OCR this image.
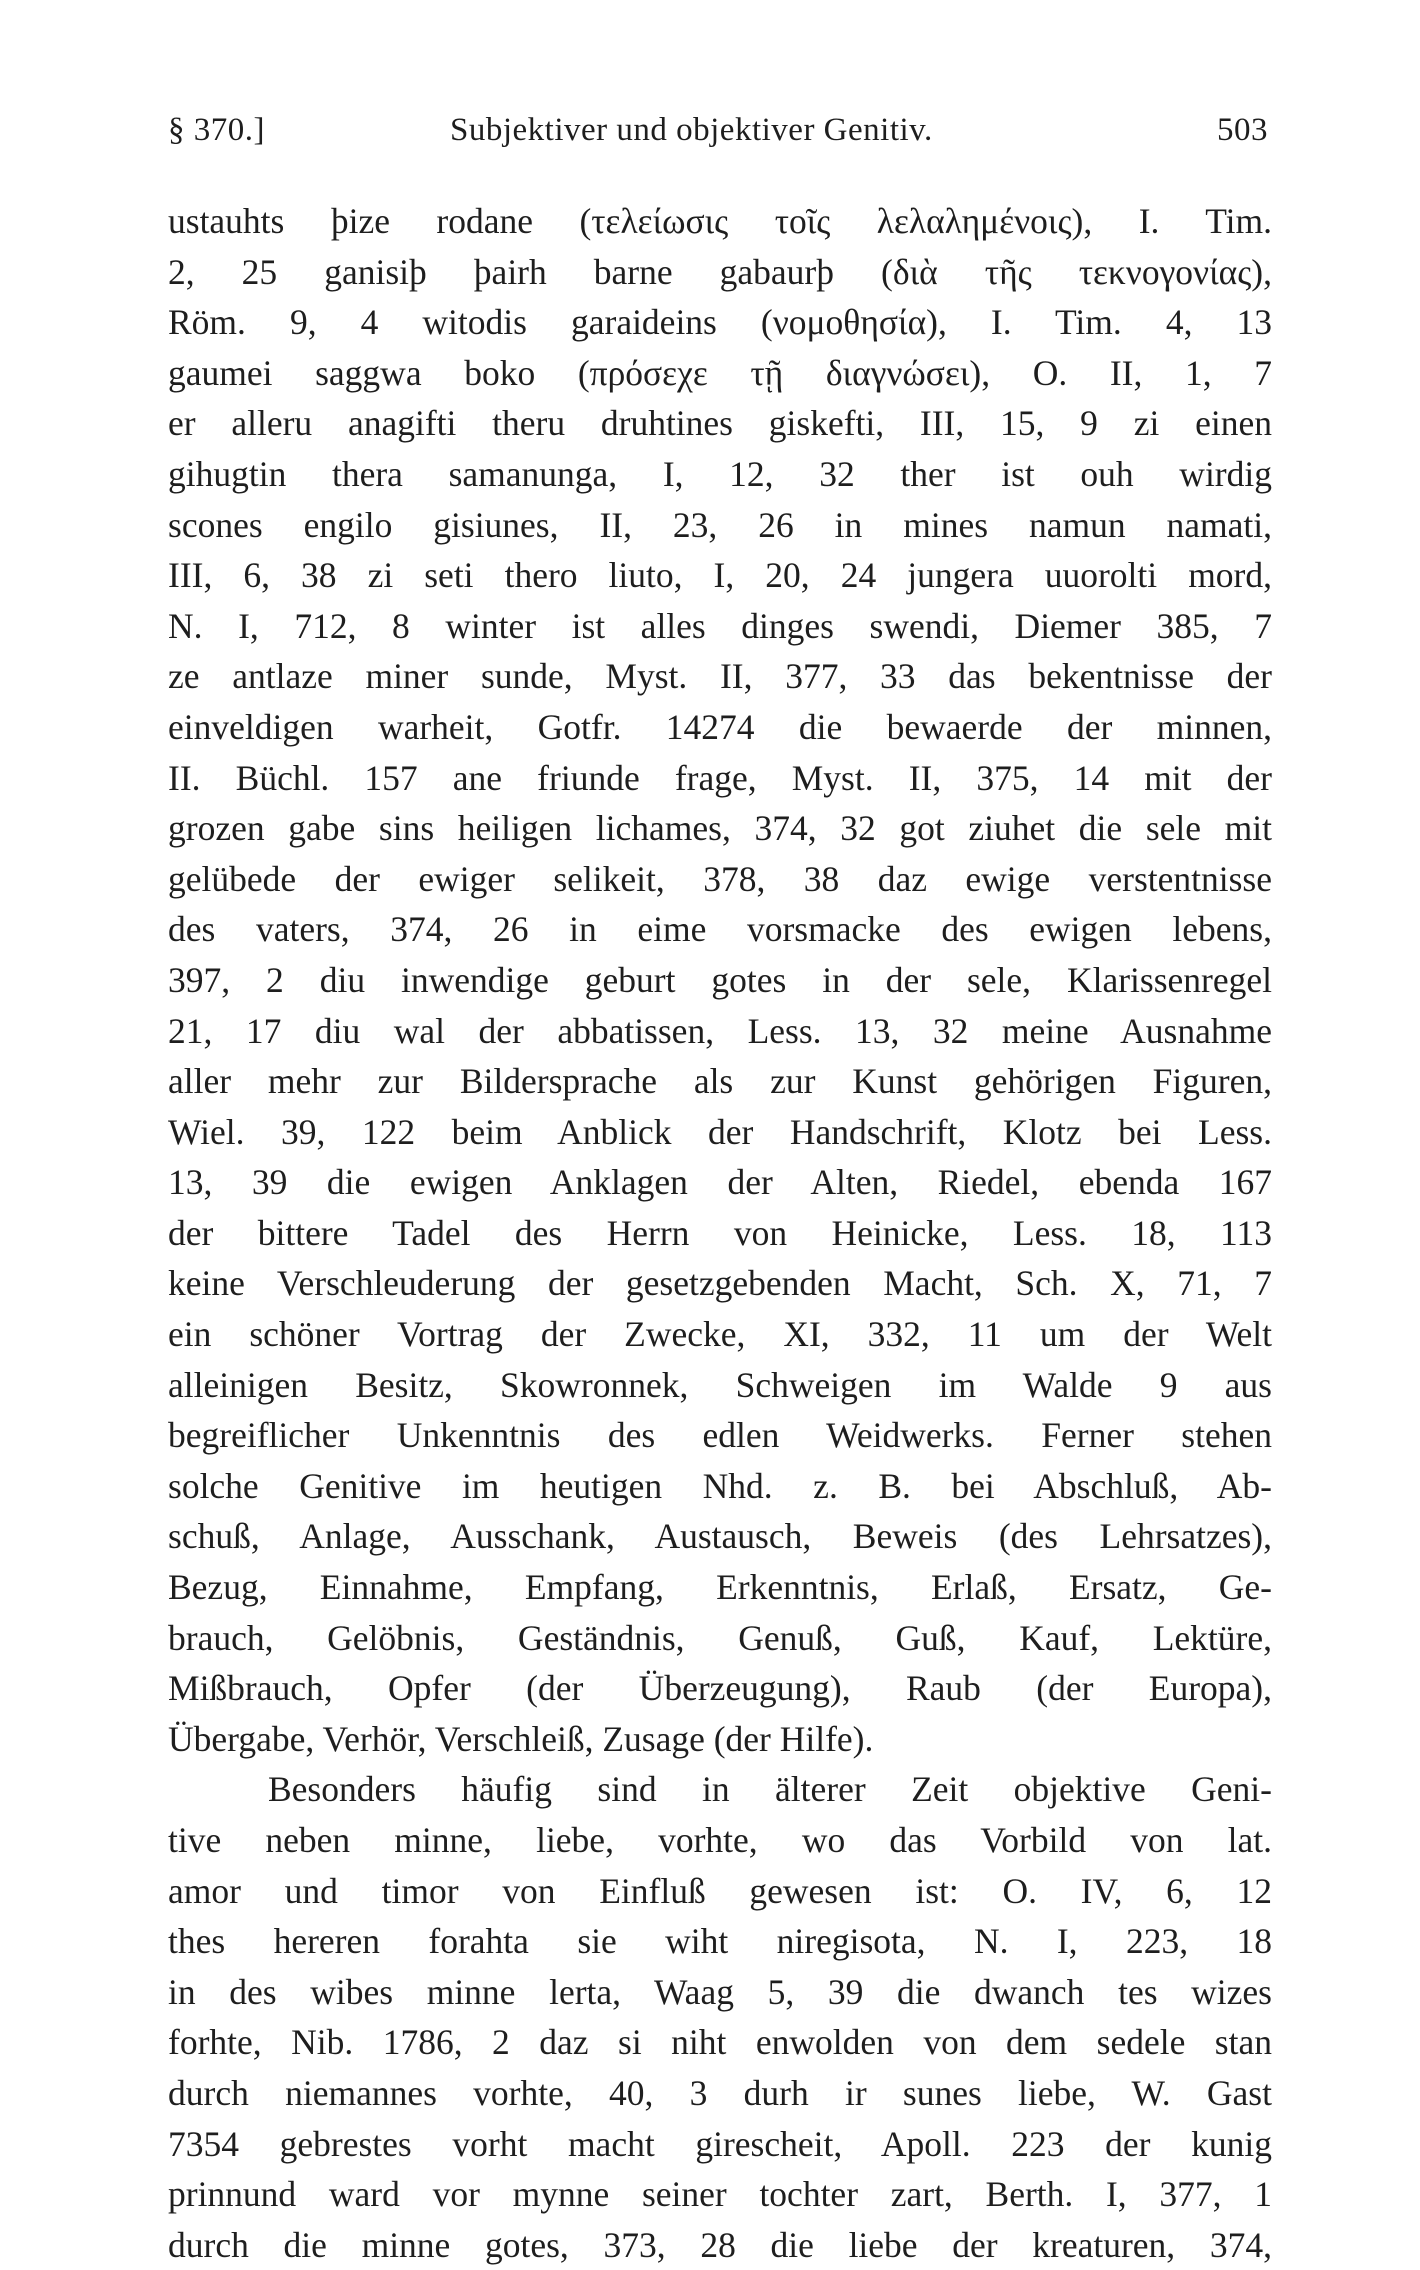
§ 370.]	Subjektiver und objektiver Genitiv.	503
ustauhts þize rodane (τελείωσις τοῖς λελαλημένοις), I. Tim.
2, 25 ganisiþ þairh barne gabaurþ (διὰ τῆς τεκνογονίας),
Röm. 9, 4 witodis garaideins (νομοθησία), I. Tim. 4, 13
gaumei saggwa boko (πρόσεχε τῇ διαγνώσει), O. II, 1, 7
er alleru anagifti theru druhtines giskefti, III, 15, 9 zi einen
gihugtin thera samanunga, I, 12, 32 ther ist ouh wirdig
scones engilo gisiunes, II, 23, 26 in mines namun namati,
III, 6, 38 zi seti thero liuto, I, 20, 24 jungera uuorolti mord,
N. I, 712, 8 winter ist alles dinges swendi, Diemer 385, 7
ze antlaze miner sunde, Myst. II, 377, 33 das bekentnisse der
einveldigen warheit, Gotfr. 14274 die bewaerde der minnen,
II. Büchl. 157 ane friunde frage, Myst. II, 375, 14 mit der
grozen gabe sins heiligen lichames, 374, 32 got ziuhet die sele mit
gelübede der ewiger selikeit, 378, 38 daz ewige verstentnisse
des vaters, 374, 26 in eime vorsmacke des ewigen lebens,
397, 2 diu inwendige geburt gotes in der sele, Klarissenregel
21, 17 diu wal der abbatissen, Less. 13, 32 meine Ausnahme
aller mehr zur Bildersprache als zur Kunst gehörigen Figuren,
Wiel. 39, 122 beim Anblick der Handschrift, Klotz bei Less.
13, 39 die ewigen Anklagen der Alten, Riedel, ebenda 167
der bittere Tadel des Herrn von Heinicke, Less. 18, 113
keine Verschleuderung der gesetzgebenden Macht, Sch. X, 71, 7
ein schöner Vortrag der Zwecke, XI, 332, 11 um der Welt
alleinigen Besitz, Skowronnek, Schweigen im Walde 9 aus
begreiflicher Unkenntnis des edlen Weidwerks. Ferner stehen
solche Genitive im heutigen Nhd. z. B. bei Abschluß, Ab-
schuß, Anlage, Ausschank, Austausch, Beweis (des Lehrsatzes),
Bezug, Einnahme, Empfang, Erkenntnis, Erlaß, Ersatz, Ge-
brauch, Gelöbnis, Geständnis, Genuß, Guß, Kauf, Lektüre,
Mißbrauch, Opfer (der Überzeugung), Raub (der Europa),
Übergabe, Verhör, Verschleiß, Zusage (der Hilfe).
Besonders häufig sind in älterer Zeit objektive Geni-
tive neben minne, liebe, vorhte, wo das Vorbild von lat.
amor und timor von Einfluß gewesen ist: O. IV, 6, 12
thes hereren forahta sie wiht niregisota, N. I, 223, 18
in des wibes minne lerta, Waag 5, 39 die dwanch tes wizes
forhte, Nib. 1786, 2 daz si niht enwolden von dem sedele stan
durch niemannes vorhte, 40, 3 durh ir sunes liebe, W. Gast
7354 gebrestes vorht macht girescheit, Apoll. 223 der kunig
prinnund ward vor mynne seiner tochter zart, Berth. I, 377, 1
durch die minne gotes, 373, 28 die liebe der kreaturen, 374,
